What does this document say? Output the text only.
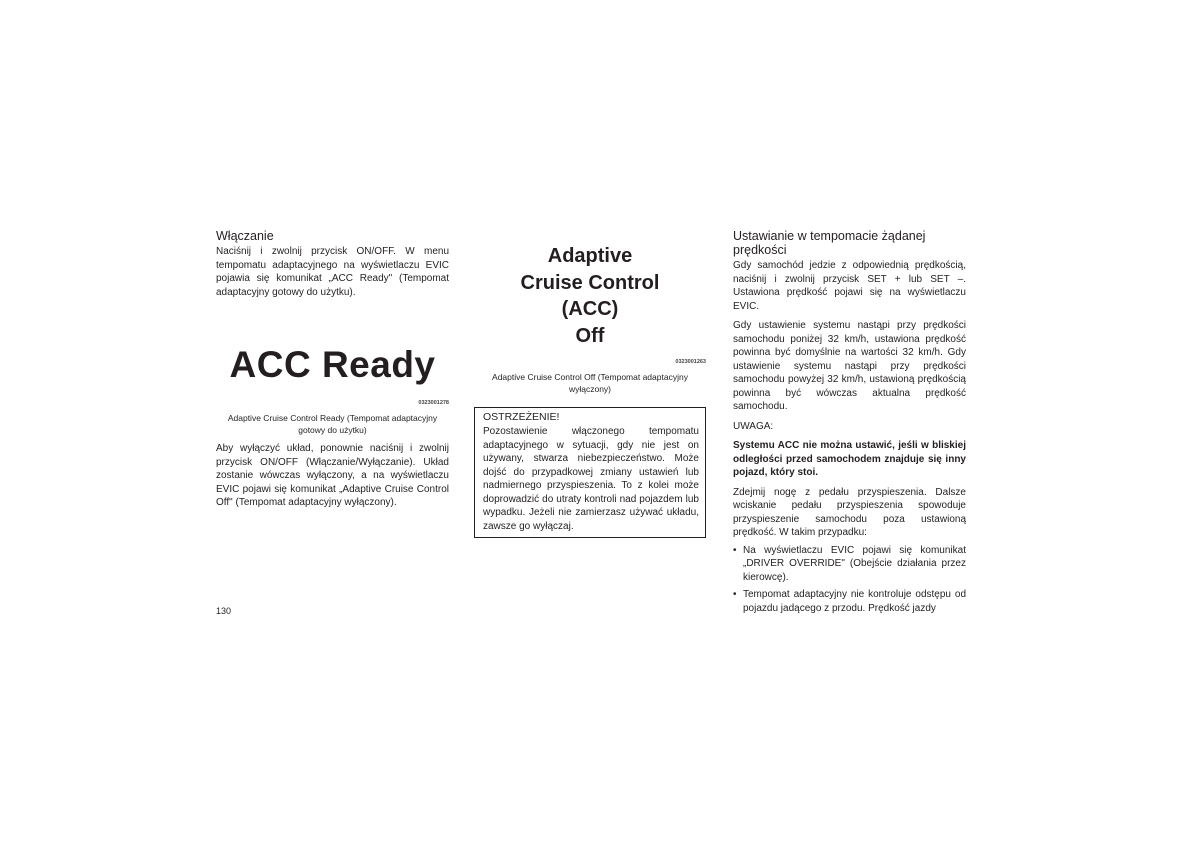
Włączanie

Naciśnij i zwolnij przycisk ON/OFF. W menu tempomatu adaptacyjnego na wyświetlaczu EVIC pojawia się komunikat „ACC Ready" (Tempomat adaptacyjny gotowy do użytku).

ACC Ready
0323001278
Adaptive Cruise Control Ready (Tempomat adaptacyjny gotowy do użytku)

Aby wyłączyć układ, ponownie naciśnij i zwolnij przycisk ON/OFF (Włączanie/Wyłączanie). Układ zostanie wówczas wyłączony, a na wyświetlaczu EVIC pojawi się komunikat „Adaptive Cruise Control Off" (Tempomat adaptacyjny wyłączony).

Adaptive
Cruise Control
(ACC)
Off
0323001263
Adaptive Cruise Control Off (Tempomat adaptacyjny wyłączony)
OSTRZEŻENIE!

Pozostawienie włączonego tempomatu adaptacyjnego w sytuacji, gdy nie jest on używany, stwarza niebezpieczeństwo. Może dojść do przypadkowej zmiany ustawień lub nadmiernego przyspieszenia. To z kolei może doprowadzić do utraty kontroli nad pojazdem lub wypadku. Jeżeli nie zamierzasz używać układu, zawsze go wyłączaj.

Ustawianie w tempomacie żądanej prędkości

Gdy samochód jedzie z odpowiednią prędkością, naciśnij i zwolnij przycisk SET + lub SET –. Ustawiona prędkość pojawi się na wyświetlaczu EVIC.

Gdy ustawienie systemu nastąpi przy prędkości samochodu poniżej 32 km/h, ustawiona prędkość powinna być domyślnie na wartości 32 km/h. Gdy ustawienie systemu nastąpi przy prędkości samochodu powyżej 32 km/h, ustawioną prędkością powinna być wówczas aktualna prędkość samochodu.

UWAGA:

Systemu ACC nie można ustawić, jeśli w bliskiej odległości przed samochodem znajduje się inny pojazd, który stoi.

Zdejmij nogę z pedału przyspieszenia. Dalsze wciskanie pedału przyspieszenia spowoduje przyspieszenie samochodu poza ustawioną prędkość. W takim przypadku:

• Na wyświetlaczu EVIC pojawi się komunikat „DRIVER OVERRIDE" (Obejście działania przez kierowcę).
• Tempomat adaptacyjny nie kontroluje odstępu od pojazdu jadącego z przodu. Prędkość jazdy
130
